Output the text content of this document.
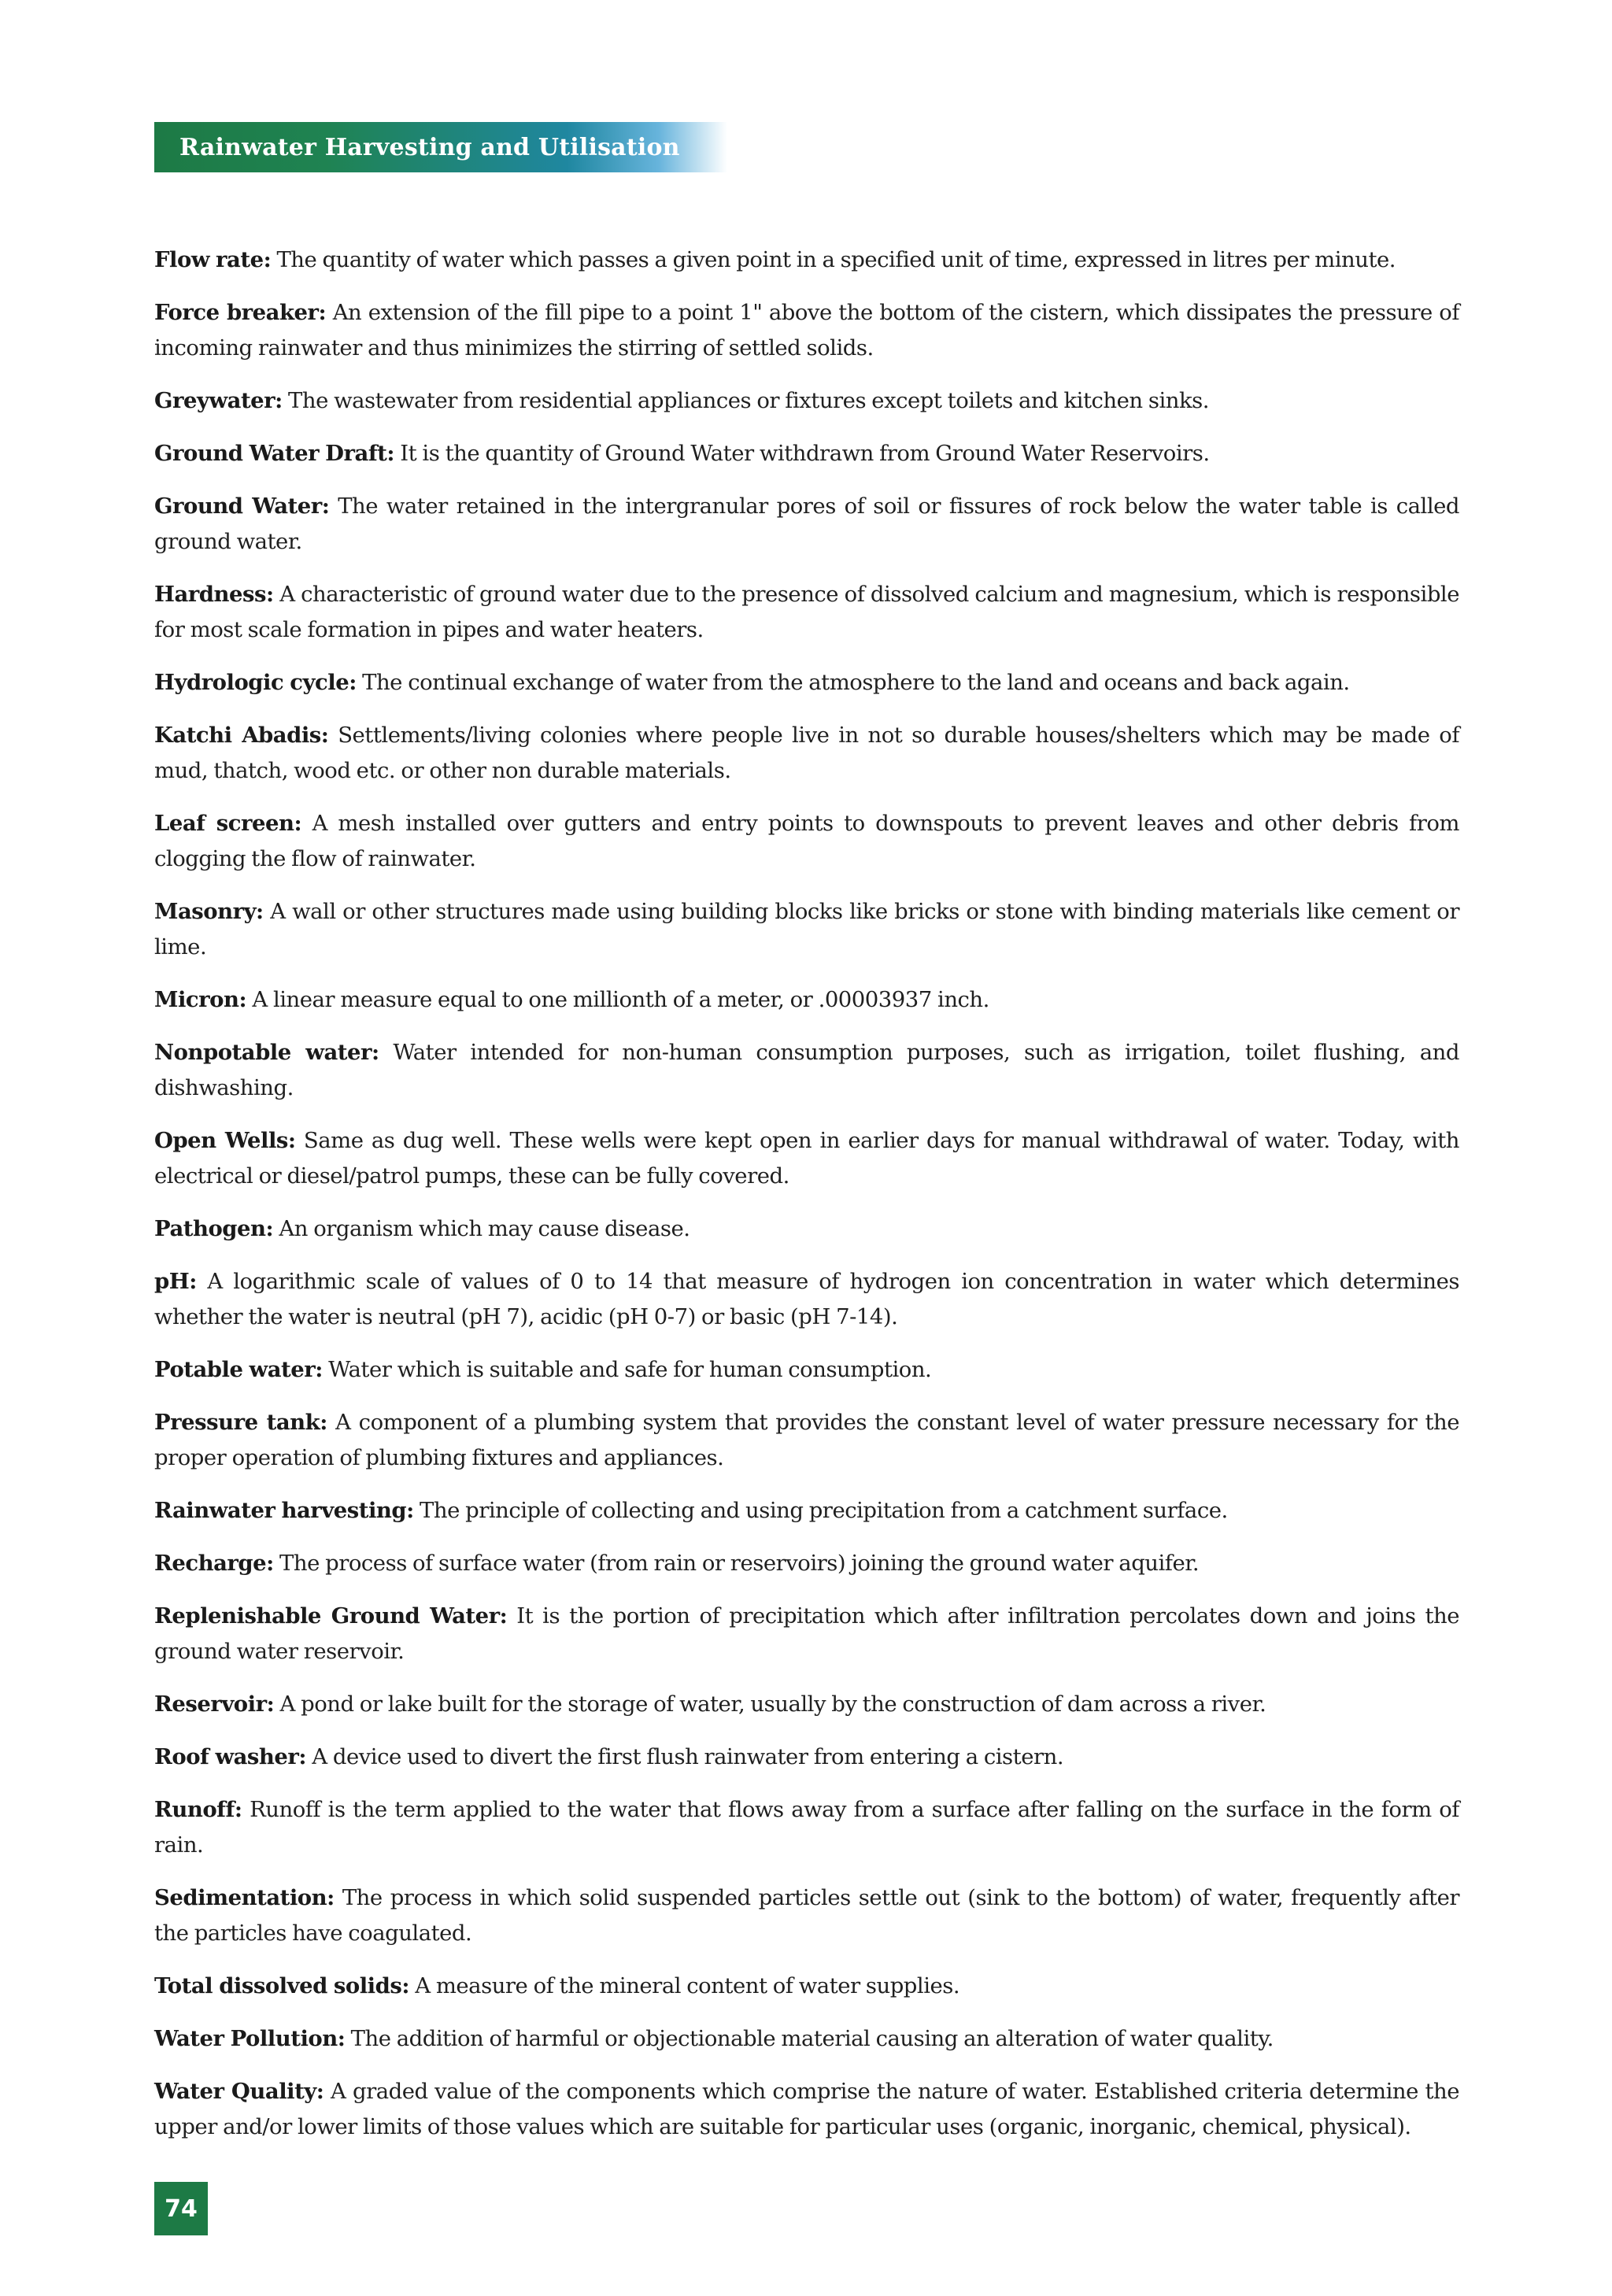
Rainwater Harvesting and Utilisation

Flow rate: The quantity of water which passes a given point in a specified unit of time, expressed in litres per minute.

Force breaker: An extension of the fill pipe to a point 1" above the bottom of the cistern, which dissipates the pressure of incoming rainwater and thus minimizes the stirring of settled solids.

Greywater: The wastewater from residential appliances or fixtures except toilets and kitchen sinks.

Ground Water Draft: It is the quantity of Ground Water withdrawn from Ground Water Reservoirs.

Ground Water: The water retained in the intergranular pores of soil or fissures of rock below the water table is called ground water.

Hardness: A characteristic of ground water due to the presence of dissolved calcium and magnesium, which is responsible for most scale formation in pipes and water heaters.

Hydrologic cycle: The continual exchange of water from the atmosphere to the land and oceans and back again.

Katchi Abadis: Settlements/living colonies where people live in not so durable houses/shelters which may be made of mud, thatch, wood etc. or other non durable materials.

Leaf screen: A mesh installed over gutters and entry points to downspouts to prevent leaves and other debris from clogging the flow of rainwater.

Masonry: A wall or other structures made using building blocks like bricks or stone with binding materials like cement or lime.

Micron: A linear measure equal to one millionth of a meter, or .00003937 inch.

Nonpotable water: Water intended for non-human consumption purposes, such as irrigation, toilet flushing, and dishwashing.

Open Wells: Same as dug well. These wells were kept open in earlier days for manual withdrawal of water. Today, with electrical or diesel/patrol pumps, these can be fully covered.

Pathogen: An organism which may cause disease.

pH: A logarithmic scale of values of 0 to 14 that measure of hydrogen ion concentration in water which determines whether the water is neutral (pH 7), acidic (pH 0-7) or basic (pH 7-14).

Potable water: Water which is suitable and safe for human consumption.

Pressure tank: A component of a plumbing system that provides the constant level of water pressure necessary for the proper operation of plumbing fixtures and appliances.

Rainwater harvesting: The principle of collecting and using precipitation from a catchment surface.

Recharge: The process of surface water (from rain or reservoirs) joining the ground water aquifer.

Replenishable Ground Water: It is the portion of precipitation which after infiltration percolates down and joins the ground water reservoir.

Reservoir: A pond or lake built for the storage of water, usually by the construction of dam across a river.

Roof washer: A device used to divert the first flush rainwater from entering a cistern.

Runoff: Runoff is the term applied to the water that flows away from a surface after falling on the surface in the form of rain.

Sedimentation: The process in which solid suspended particles settle out (sink to the bottom) of water, frequently after the particles have coagulated.

Total dissolved solids: A measure of the mineral content of water supplies.

Water Pollution: The addition of harmful or objectionable material causing an alteration of water quality.

Water Quality: A graded value of the components which comprise the nature of water. Established criteria determine the upper and/or lower limits of those values which are suitable for particular uses (organic, inorganic, chemical, physical).

74
